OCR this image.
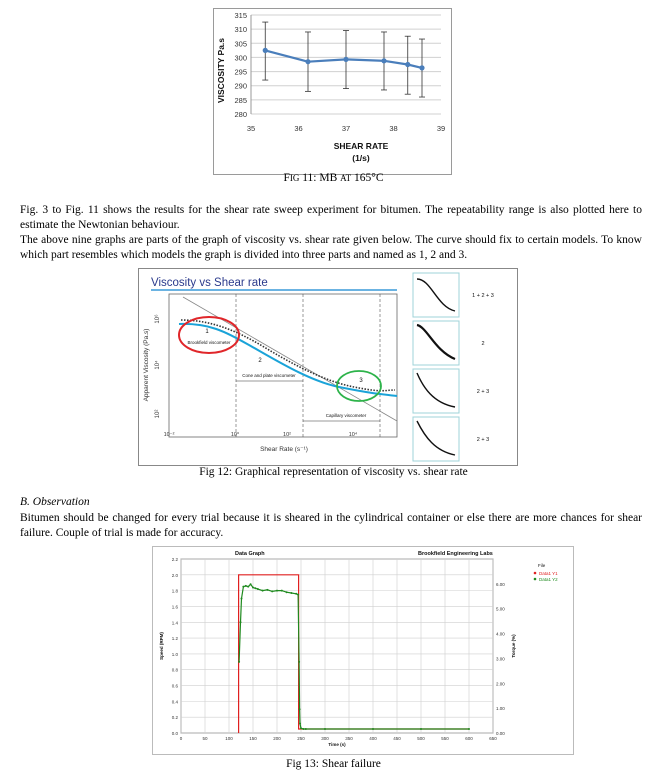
280
285
290
295
300
305
310
315
35	36	37	38	39
SHEAR RATE
(1/s)
VISCOSITY Pa.s
FIG 11: MB AT 165°C

Fig. 3 to Fig. 11 shows the results for the shear rate sweep experiment for bitumen. The repeatability range is also plotted here to estimate the Newtonian behaviour.

The above nine graphs are parts of the graph of viscosity vs. shear rate given below. The curve should fix to certain models. To know which part resembles which models the graph is divided into three parts and named as 1, 2 and 3.

Viscosity vs Shear rate
10⁶
10⁴
10²
10⁻²	10⁰	10²	10⁴
Shear Rate (s⁻¹)
Apparent Viscosity (Pa.s)	1
Brookfield viscometer
2
3
Cone and plate viscometer
Capillary viscometer
1 + 2 + 3
2
2 + 3
2 + 3
Fig 12: Graphical representation of viscosity vs. shear rate
B. Observation

Bitumen should be changed for every trial because it is sheared in the cylindrical container or else there are more chances for shear failure. Couple of trial is made for accuracy.

Data Graph	Brookfield Engineering Labs
0.0
0.2
0.4
0.6
0.8
1.0
1.2
1.4
1.6
1.8
2.0
2.2
0	50	100	150	200	250	300	350	400	450	500	550	600	650
0.00
1.00
2.00
3.00
4.00
5.00
6.00
Time (s)
Speed (RPM)	Torque (%)
File
Data1 Y1
Data1 Y2
Fig 13: Shear failure
